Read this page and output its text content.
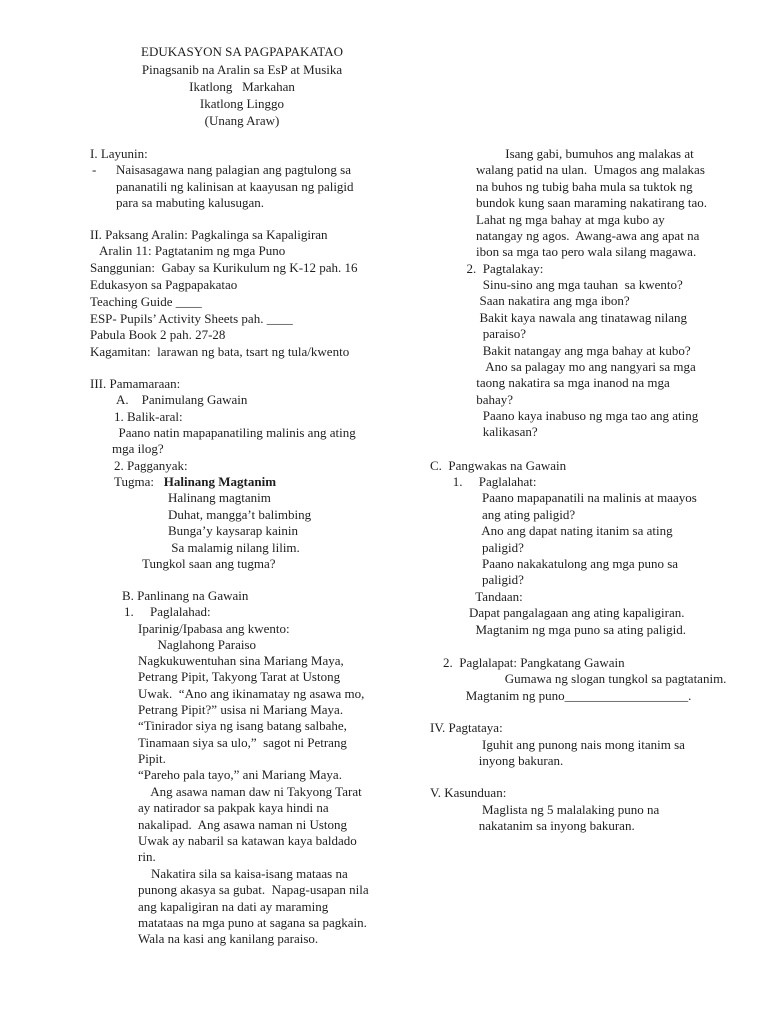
EDUKASYON SA PAGPAPAKATAO
Pinagsanib na Aralin sa EsP at Musika
Ikatlong   Markahan
Ikatlong Linggo
(Unang Araw)
I. Layunin:
- Naisasagawa nang palagian ang pagtulong sa
pananatili ng kalinisan at kaayusan ng paligid
para sa mabuting kalusugan.
II. Paksang Aralin: Pagkalinga sa Kapaligiran
Aralin 11: Pagtatanim ng mga Puno
Sanggunian:  Gabay sa Kurikulum ng K-12 pah. 16
Edukasyon sa Pagpapakatao
Teaching Guide ____
ESP- Pupils’ Activity Sheets pah. ____
Pabula Book 2 pah. 27-28
Kagamitan:  larawan ng bata, tsart ng tula/kwento
III. Pamamaraan:
A.    Panimulang Gawain
1. Balik-aral:
Paano natin mapapanatiling malinis ang ating
mga ilog?
2. Pagganyak:
Tugma:   Halinang Magtanim
Halinang magtanim
Duhat, mangga’t balimbing
Bunga’y kaysarap kainin
Sa malamig nilang lilim.
Tungkol saan ang tugma?
B. Panlinang na Gawain
1.     Paglalahad:
Iparinig/Ipabasa ang kwento:
Naglahong Paraiso
Nagkukuwentuhan sina Mariang Maya,
Petrang Pipit, Takyong Tarat at Ustong
Uwak.  “Ano ang ikinamatay ng asawa mo,
Petrang Pipit?” usisa ni Mariang Maya.
“Tinirador siya ng isang batang salbahe,
Tinamaan siya sa ulo,”  sagot ni Petrang
Pipit.
“Pareho pala tayo,” ani Mariang Maya.
Ang asawa naman daw ni Takyong Tarat
ay natirador sa pakpak kaya hindi na
nakalipad.  Ang asawa naman ni Ustong
Uwak ay nabaril sa katawan kaya baldado
rin.
Nakatira sila sa kaisa-isang mataas na
punong akasya sa gubat.  Napag-usapan nila
ang kapaligiran na dati ay maraming
matataas na mga puno at sagana sa pagkain.
Wala na kasi ang kanilang paraiso.
Isang gabi, bumuhos ang malakas at
walang patid na ulan.  Umagos ang malakas
na buhos ng tubig baha mula sa tuktok ng
bundok kung saan maraming nakatirang tao.
Lahat ng mga bahay at mga kubo ay
natangay ng agos.  Awang-awa ang apat na
ibon sa mga tao pero wala silang magawa.
2.  Pagtalakay:
Sinu-sino ang mga tauhan  sa kwento?
Saan nakatira ang mga ibon?
Bakit kaya nawala ang tinatawag nilang
paraiso?
Bakit natangay ang mga bahay at kubo?
Ano sa palagay mo ang nangyari sa mga
taong nakatira sa mga inanod na mga
bahay?
Paano kaya inabuso ng mga tao ang ating
kalikasan?
C.  Pangwakas na Gawain
1.     Paglalahat:
Paano mapapanatili na malinis at maayos
ang ating paligid?
Ano ang dapat nating itanim sa ating
paligid?
Paano nakakatulong ang mga puno sa
paligid?
Tandaan:
Dapat pangalagaan ang ating kapaligiran.
Magtanim ng mga puno sa ating paligid.
2.  Paglalapat: Pangkatang Gawain
Gumawa ng slogan tungkol sa pagtatanim.
Magtanim ng puno___________________.
IV. Pagtataya:
Iguhit ang punong nais mong itanim sa
inyong bakuran.
V. Kasunduan:
Maglista ng 5 malalaking puno na
nakatanim sa inyong bakuran.
